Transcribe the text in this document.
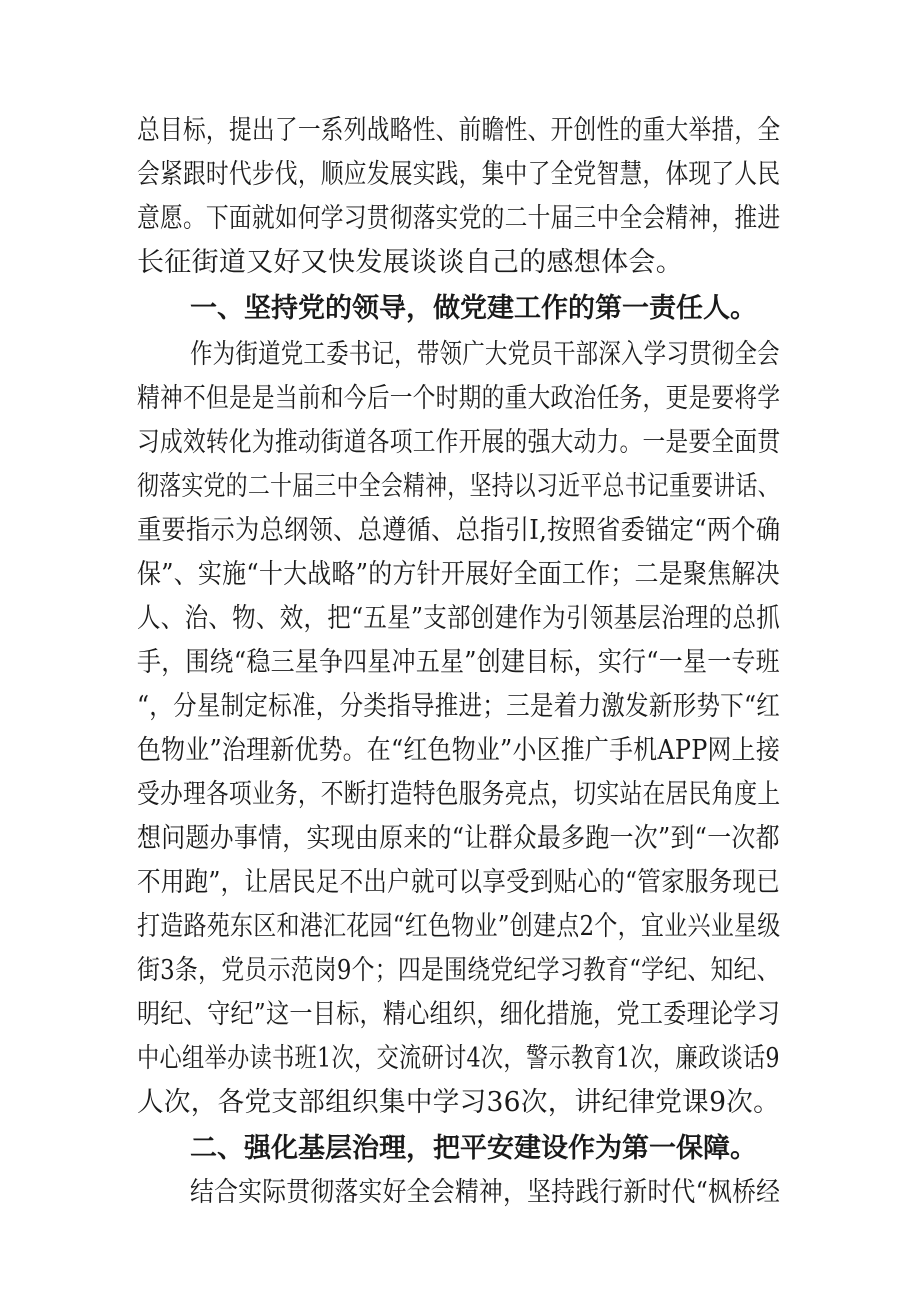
总目标，提出了一系列战略性、前瞻性、开创性的重大举措，全
会紧跟时代步伐，顺应发展实践，集中了全党智慧，体现了人民
意愿。下面就如何学习贯彻落实党的二十届三中全会精神，推进
长征街道又好又快发展谈谈自己的感想体会。
一、坚持党的领导，做党建工作的第一责任人。
作为街道党工委书记，带领广大党员干部深入学习贯彻全会
精神不但是是当前和今后一个时期的重大政治任务，更是要将学
习成效转化为推动街道各项工作开展的强大动力。一是要全面贯
彻落实党的二十届三中全会精神，坚持以习近平总书记重要讲话、
重要指示为总纲领、总遵循、总指引I,按照省委锚定“两个确
保”、实施“十大战略”的方针开展好全面工作；二是聚焦解决
人、治、物、效，把“五星”支部创建作为引领基层治理的总抓
手，围绕“稳三星争四星冲五星”创建目标，实行“一星一专班
“，分星制定标准，分类指导推进；三是着力激发新形势下“红
色物业”治理新优势。在“红色物业”小区推广手机APP网上接
受办理各项业务，不断打造特色服务亮点，切实站在居民角度上
想问题办事情，实现由原来的“让群众最多跑一次”到“一次都
不用跑”，让居民足不出户就可以享受到贴心的“管家服务现已
打造路苑东区和港汇花园“红色物业”创建点2个，宜业兴业星级
街3条，党员示范岗9个；四是围绕党纪学习教育“学纪、知纪、
明纪、守纪”这一目标，精心组织，细化措施，党工委理论学习
中心组举办读书班1次，交流研讨4次，警示教育1次，廉政谈话9
人次，各党支部组织集中学习36次，讲纪律党课9次。
二、强化基层治理，把平安建设作为第一保障。
结合实际贯彻落实好全会精神，坚持践行新时代“枫桥经
